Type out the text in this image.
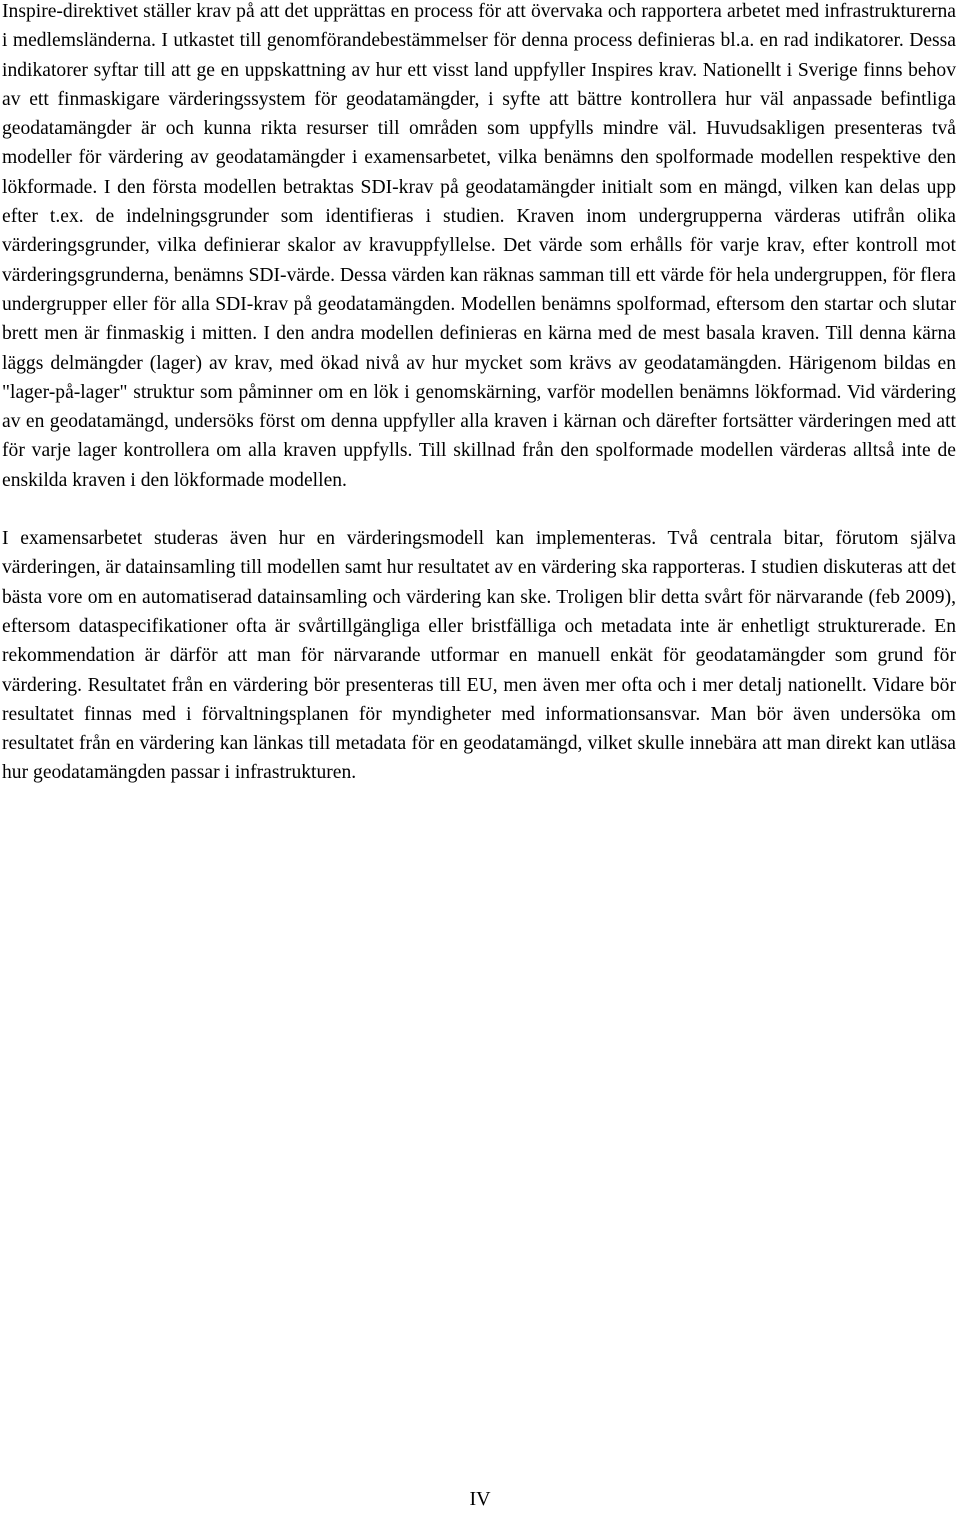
Inspire-direktivet ställer krav på att det upprättas en process för att övervaka och rapportera arbetet med infrastrukturerna i medlemsländerna. I utkastet till genomförandebestämmelser för denna process definieras bl.a. en rad indikatorer. Dessa indikatorer syftar till att ge en uppskattning av hur ett visst land uppfyller Inspires krav. Nationellt i Sverige finns behov av ett finmaskigare värderingssystem för geodatamängder, i syfte att bättre kontrollera hur väl anpassade befintliga geodatamängder är och kunna rikta resurser till områden som uppfylls mindre väl. Huvudsakligen presenteras två modeller för värdering av geodatamängder i examensarbetet, vilka benämns den spolformade modellen respektive den lökformade. I den första modellen betraktas SDI-krav på geodatamängder initialt som en mängd, vilken kan delas upp efter t.ex. de indelningsgrunder som identifieras i studien. Kraven inom undergrupperna värderas utifrån olika värderingsgrunder, vilka definierar skalor av kravuppfyllelse. Det värde som erhålls för varje krav, efter kontroll mot värderingsgrunderna, benämns SDI-värde. Dessa värden kan räknas samman till ett värde för hela undergruppen, för flera undergrupper eller för alla SDI-krav på geodatamängden. Modellen benämns spolformad, eftersom den startar och slutar brett men är finmaskig i mitten. I den andra modellen definieras en kärna med de mest basala kraven. Till denna kärna läggs delmängder (lager) av krav, med ökad nivå av hur mycket som krävs av geodatamängden. Härigenom bildas en "lager-på-lager" struktur som påminner om en lök i genomskärning, varför modellen benämns lökformad. Vid värdering av en geodatamängd, undersöks först om denna uppfyller alla kraven i kärnan och därefter fortsätter värderingen med att för varje lager kontrollera om alla kraven uppfylls. Till skillnad från den spolformade modellen värderas alltså inte de enskilda kraven i den lökformade modellen.

I examensarbetet studeras även hur en värderingsmodell kan implementeras. Två centrala bitar, förutom själva värderingen, är datainsamling till modellen samt hur resultatet av en värdering ska rapporteras. I studien diskuteras att det bästa vore om en automatiserad datainsamling och värdering kan ske. Troligen blir detta svårt för närvarande (feb 2009), eftersom dataspecifikationer ofta är svårtillgängliga eller bristfälliga och metadata inte är enhetligt strukturerade. En rekommendation är därför att man för närvarande utformar en manuell enkät för geodatamängder som grund för värdering. Resultatet från en värdering bör presenteras till EU, men även mer ofta och i mer detalj nationellt. Vidare bör resultatet finnas med i förvaltningsplanen för myndigheter med informationsansvar. Man bör även undersöka om resultatet från en värdering kan länkas till metadata för en geodatamängd, vilket skulle innebära att man direkt kan utläsa hur geodatamängden passar i infrastrukturen.

IV
